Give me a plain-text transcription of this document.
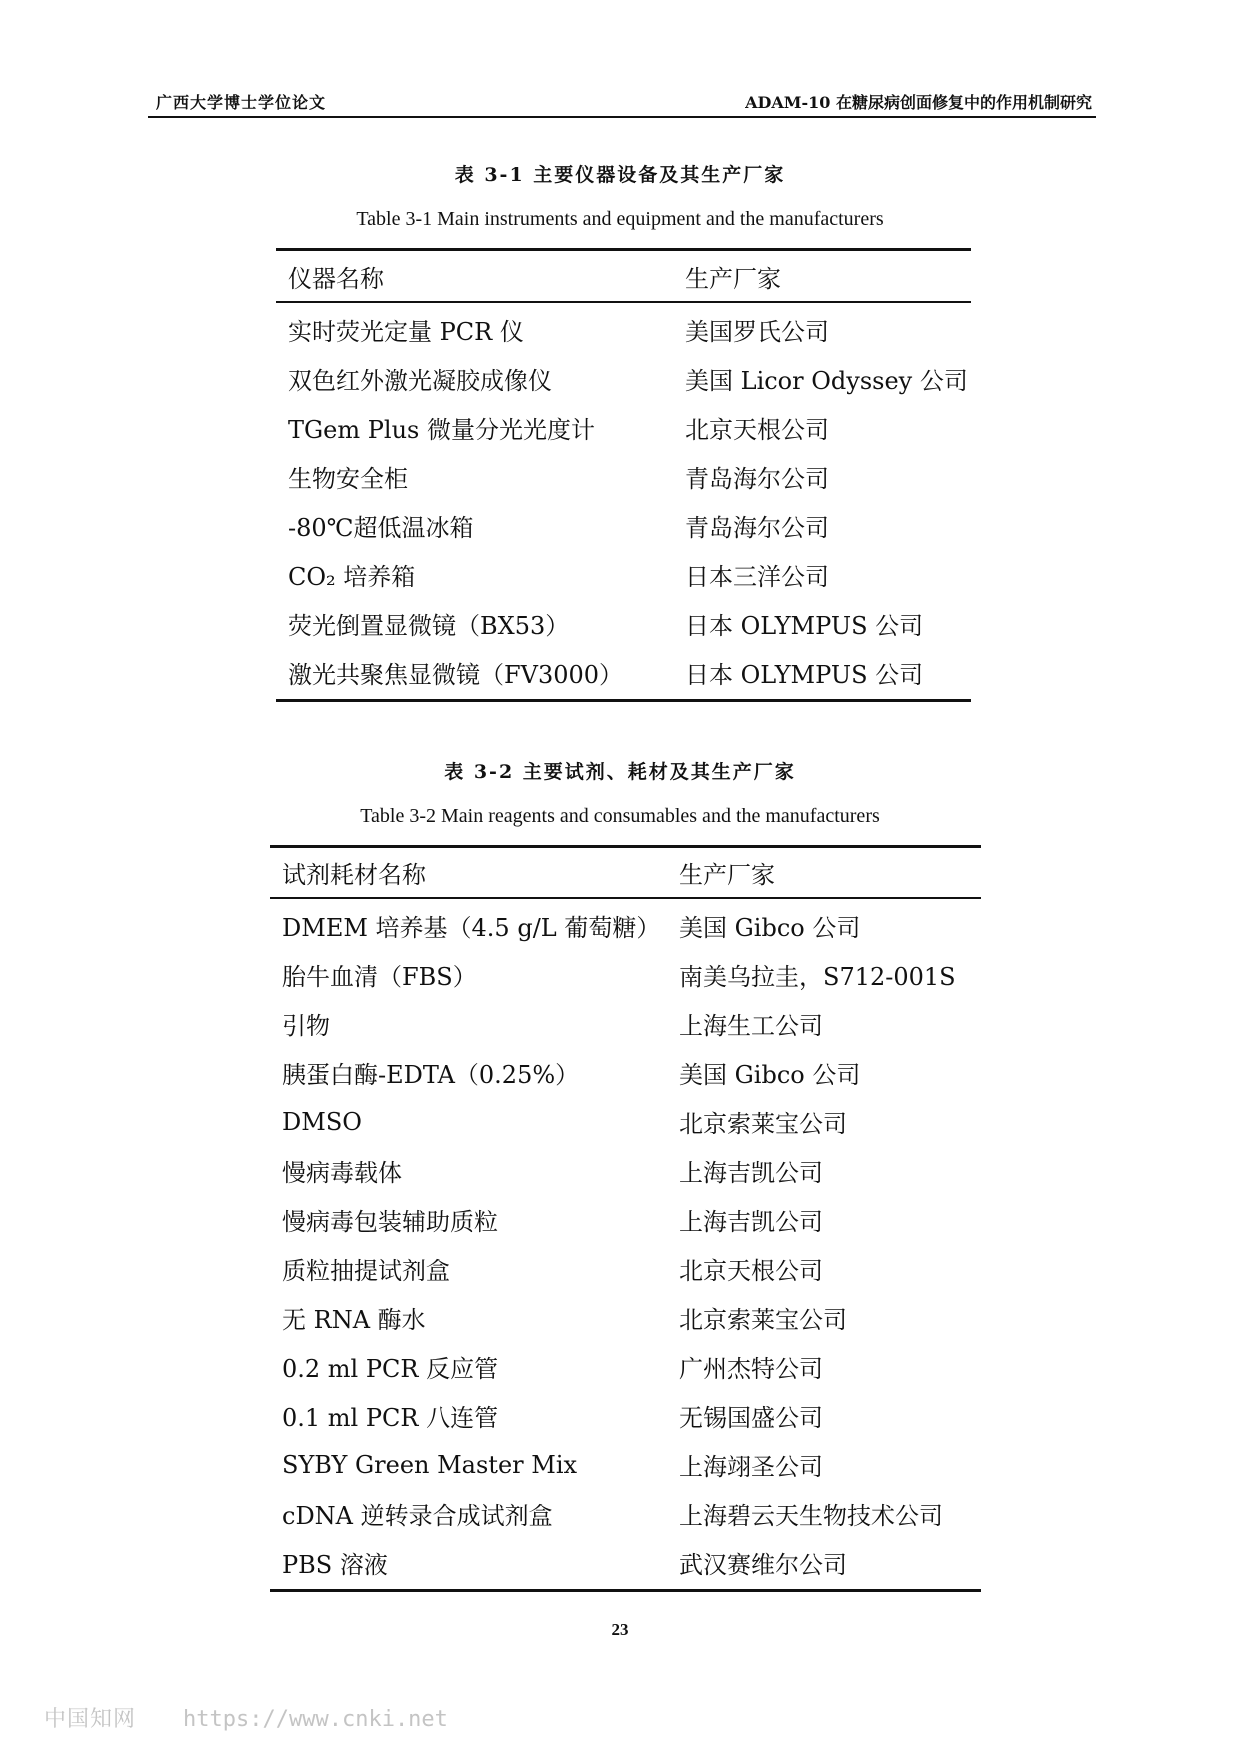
广西大学博士学位论文	ADAM-10 在糖尿病创面修复中的作用机制研究
表 3-1 主要仪器设备及其生产厂家
Table 3-1 Main instruments and equipment and the manufacturers
仪器名称	生产厂家
实时荧光定量 PCR 仪	美国罗氏公司
双色红外激光凝胶成像仪	美国 Licor Odyssey 公司
TGem Plus 微量分光光度计	北京天根公司
生物安全柜	青岛海尔公司
-80℃超低温冰箱	青岛海尔公司
CO₂ 培养箱	日本三洋公司
荧光倒置显微镜（BX53）	日本 OLYMPUS 公司
激光共聚焦显微镜（FV3000）	日本 OLYMPUS 公司
表 3-2 主要试剂、耗材及其生产厂家
Table 3-2 Main reagents and consumables and the manufacturers
试剂耗材名称	生产厂家
DMEM 培养基（4.5 g/L 葡萄糖）	美国 Gibco 公司
胎牛血清（FBS）	南美乌拉圭，S712-001S
引物	上海生工公司
胰蛋白酶-EDTA（0.25%）	美国 Gibco 公司
DMSO	北京索莱宝公司
慢病毒载体	上海吉凯公司
慢病毒包装辅助质粒	上海吉凯公司
质粒抽提试剂盒	北京天根公司
无 RNA 酶水	北京索莱宝公司
0.2 ml PCR 反应管	广州杰特公司
0.1 ml PCR 八连管	无锡国盛公司
SYBY Green Master Mix	上海翊圣公司
cDNA 逆转录合成试剂盒	上海碧云天生物技术公司
PBS 溶液	武汉赛维尔公司
23
中国知网 https://www.cnki.net
